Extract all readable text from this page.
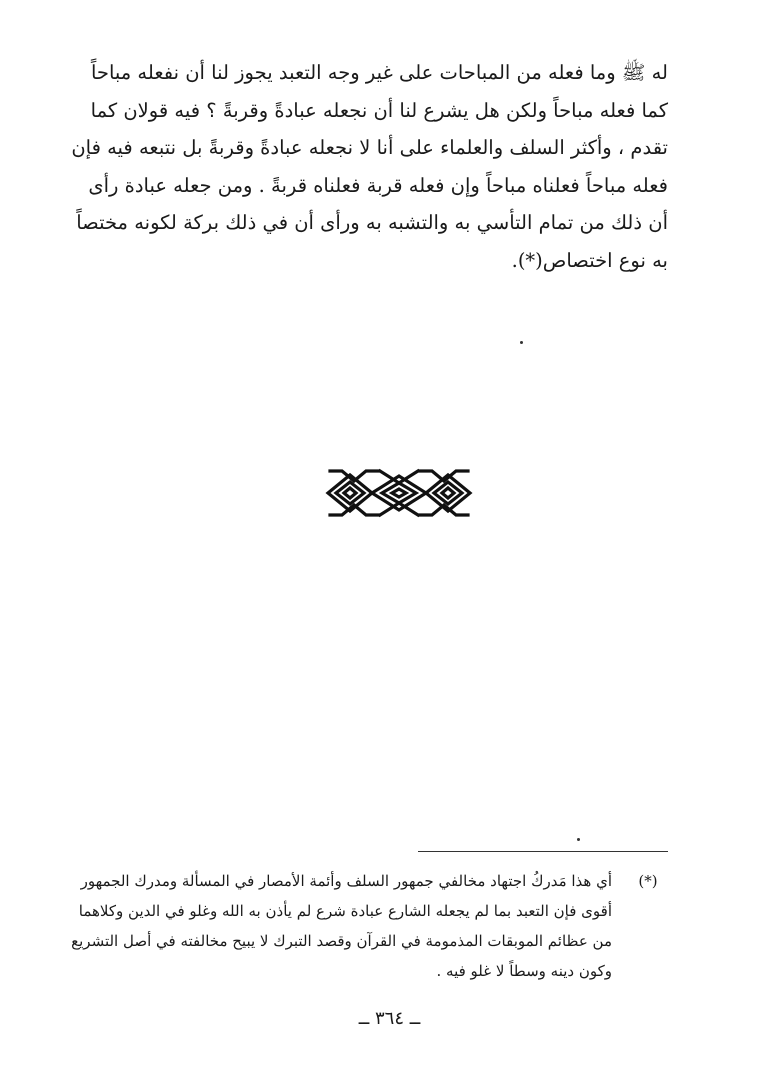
له ﷺ وما فعله من المباحات على غير وجه التعبد يجوز لنا أن نفعله مباحاً
كما فعله مباحاً ولكن هل يشرع لنا أن نجعله عبادةً وقربةً ؟ فيه قولان كما
تقدم ، وأكثر السلف والعلماء على أنا لا نجعله عبادةً وقربةً بل نتبعه فيه فإن
فعله مباحاً فعلناه مباحاً وإن فعله قربة فعلناه قربةً . ومن جعله عبادة رأى
أن ذلك من تمام التأسي به والتشبه به ورأى أن في ذلك بركة لكونه مختصاً
به نوع اختصاص(*).
(*)
أي هذا مَدركُ اجتهاد مخالفي جمهور السلف وأئمة الأمصار في المسألة ومدرك الجمهور
أقوى فإن التعبد بما لم يجعله الشارع عبادة شرع لم يأذن به الله وغلو في الدين وكلاهما
من عظائم الموبقات المذمومة في القرآن وقصد التبرك لا يبيح مخالفته في أصل التشريع
وكون دينه وسطاً لا غلو فيه .
ــ ٣٦٤ ــ
